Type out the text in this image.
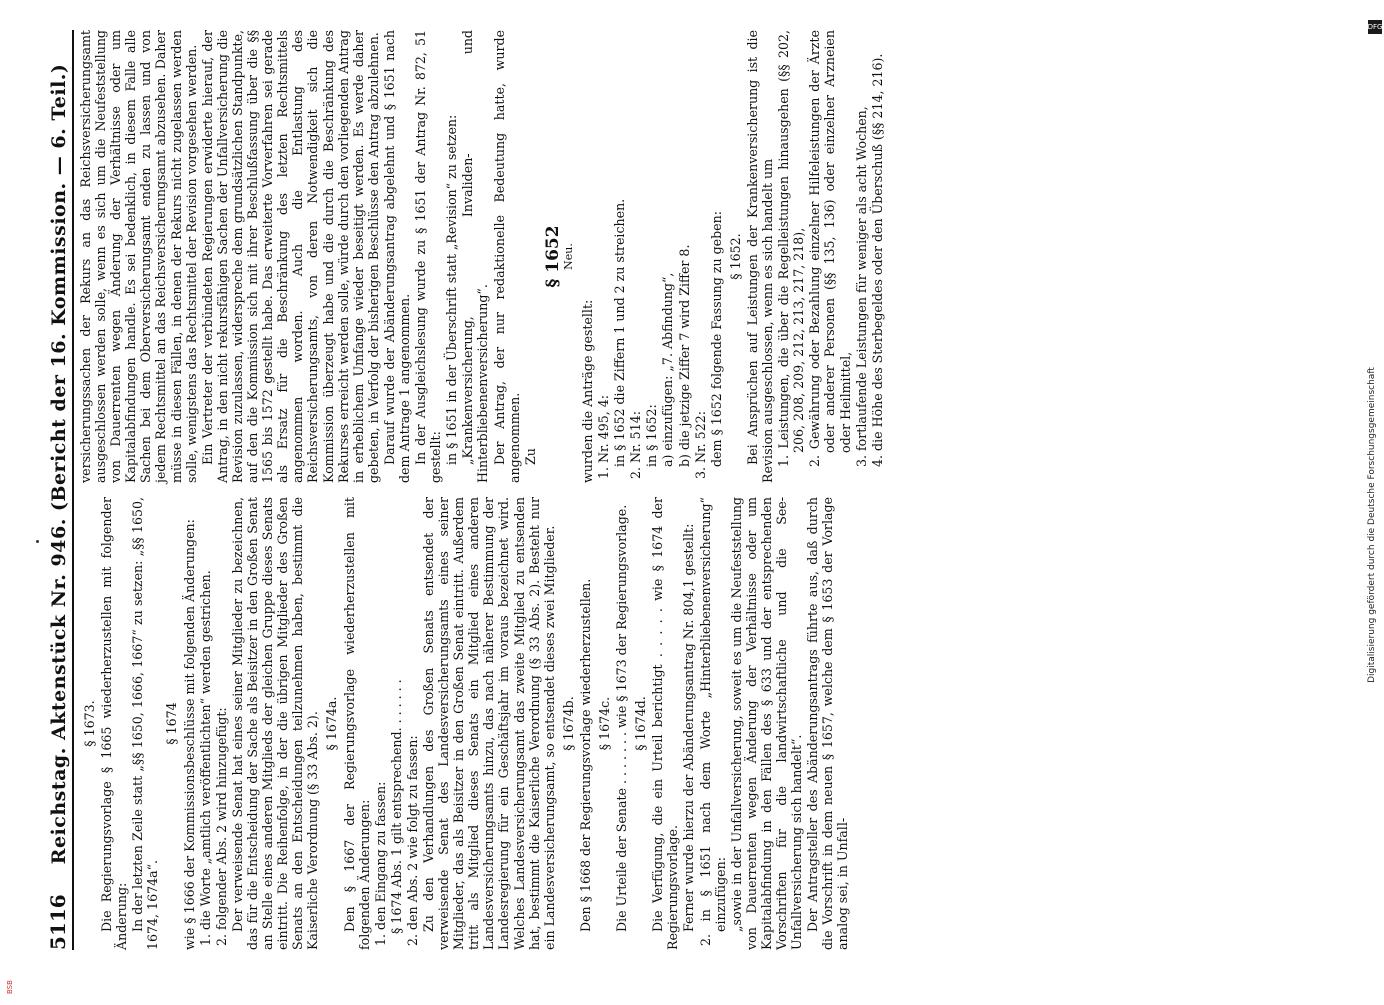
5116
Reichstag. Aktenstück Nr. 946. (Bericht der 16. Kommission. — 6. Teil.) § 1673. Die Regierungsvorlage § 1665 wiederherzustellen mit folgender Änderung: In der letzten Zeile statt „§§ 1650, 1666, 1667“ zu setzen: „§§ 1650, 1674, 1674a“.

§ 1674 wie § 1666 der Kommissionsbeschlüsse mit folgenden Änderungen: 1. die Worte „amtlich veröffentlichten“ werden gestrichen. 2. folgender Abs. 2 wird hinzugefügt: Der verweisende Senat hat eines seiner Mitglieder zu bezeichnen, das für die Entscheidung der Sache als Beisitzer in den Großen Senat an Stelle eines anderen Mitglieds der gleichen Gruppe dieses Senats eintritt. Die Reihenfolge, in der die übrigen Mitglieder des Großen Senats an den Entscheidungen teilzunehmen haben, bestimmt die Kaiserliche Verordnung (§ 33 Abs. 2). § 1674a. Den § 1667 der Regierungsvorlage wiederherzustellen mit folgenden Änderungen: 1. den Eingang zu fassen: § 1674 Abs. 1 gilt entsprechend. . . . . . . 2. den Abs. 2 wie folgt zu fassen: Zu den Verhandlungen des Großen Senats entsendet der verweisende Senat des Landesversicherungsamts eines seiner Mitglieder, das als Beisitzer in den Großen Senat eintritt. Außerdem tritt als Mitglied dieses Senats ein Mitglied eines anderen Landesversicherungsamts hinzu, das nach näherer Bestimmung der Landesregierung für ein Geschäftsjahr im voraus bezeichnet wird. Welches Landesversicherungsamt das zweite Mitglied zu entsenden hat, bestimmt die Kaiserliche Verordnung (§ 33 Abs. 2). Besteht nur ein Landesversicherungsamt, so entsendet dieses zwei Mitglieder. § 1674b. Den § 1668 der Regierungsvorlage wiederherzustellen. § 1674c. Die Urteile der Senate . . . . . . . wie § 1673 der Regierungsvorlage. § 1674d. Die Verfügung, die ein Urteil berichtigt . . . . . wie § 1674 der Regierungsvorlage. Ferner wurde hierzu der Abänderungsantrag Nr. 804,1 gestellt: 2. in § 1651 nach dem Worte „Hinterbliebenenversicherung“ einzufügen: „sowie in der Unfallversicherung, soweit es um die Neufeststellung von Dauerrenten wegen Änderung der Verhältnisse oder um Kapitalabfindung in den Fällen des § 633 und der entsprechenden Vorschriften für die landwirtschaftliche und die See-Unfallversicherung sich handelt“. Der Antragsteller des Abänderungsantrags führte aus, daß durch die Vorschrift in dem neuen § 1657, welche dem § 1653 der Vorlage analog sei, in Unfall-

versicherungssachen der Rekurs an das Reichsversicherungsamt ausgeschlossen werden solle, wenn es sich um die Neufeststellung von Dauerrenten wegen Änderung der Verhältnisse oder um Kapitalabfindungen handle. Es sei bedenklich, in diesem Falle alle Sachen bei dem Oberversicherungsamt enden zu lassen und von jedem Rechtsmittel an das Reichsversicherungsamt abzusehen. Daher müsse in diesen Fällen, in denen der Rekurs nicht zugelassen werden solle, wenigstens das Rechtsmittel der Revision vorgesehen werden. Ein Vertreter der verbündeten Regierungen erwiderte hierauf, der Antrag, in den nicht rekursfähigen Sachen der Unfallversicherung die Revision zuzulassen, widerspreche dem grundsätzlichen Standpunkte, auf den die Kommission sich mit ihrer Beschlußfassung über die §§ 1565 bis 1572 gestellt habe. Das erweiterte Vorverfahren sei gerade als Ersatz für die Beschränkung des letzten Rechtsmittels angenommen worden. Auch die Entlastung des Reichsversicherungsamts, von deren Notwendigkeit sich die Kommission überzeugt habe und die durch die Beschränkung des Rekurses erreicht werden solle, würde durch den vorliegenden Antrag in erheblichem Umfange wieder beseitigt werden. Es werde daher gebeten, in Verfolg der bisherigen Beschlüsse den Antrag abzulehnen. Darauf wurde der Abänderungsantrag abgelehnt und § 1651 nach dem Antrage 1 angenommen. In der Ausgleichslesung wurde zu § 1651 der Antrag Nr. 872, 51 gestellt: in § 1651 in der Überschrift statt „Revision“ zu setzen: „Krankenversicherung, Invaliden- und Hinterbliebenenversicherung“. Der Antrag, der nur redaktionelle Bedeutung hatte, wurde angenommen. Zu

§ 1652 Neu.

wurden die Anträge gestellt: 1. Nr. 495, 4: in § 1652 die Ziffern 1 und 2 zu streichen. 2. Nr. 514: in § 1652: a) einzufügen: „7. Abfindung“, b) die jetzige Ziffer 7 wird Ziffer 8. 3. Nr. 522: dem § 1652 folgende Fassung zu geben: § 1652. Bei Ansprüchen auf Leistungen der Krankenversicherung ist die Revision ausgeschlossen, wenn es sich handelt um 1. Leistungen, die über die Regelleistungen hinausgehen (§§ 202, 206, 208, 209, 212, 213, 217, 218), 2. Gewährung oder Bezahlung einzelner Hilfeleistungen der Ärzte oder anderer Personen (§§ 135, 136) oder einzelner Arzneien oder Heilmittel, 3. fortlaufende Leistungen für weniger als acht Wochen, 4. die Höhe des Sterbegeldes oder den Überschuß (§§ 214, 216).

DFG
Digitalisierung gefördert durch die Deutsche Forschungsgemeinschaft
BSB
